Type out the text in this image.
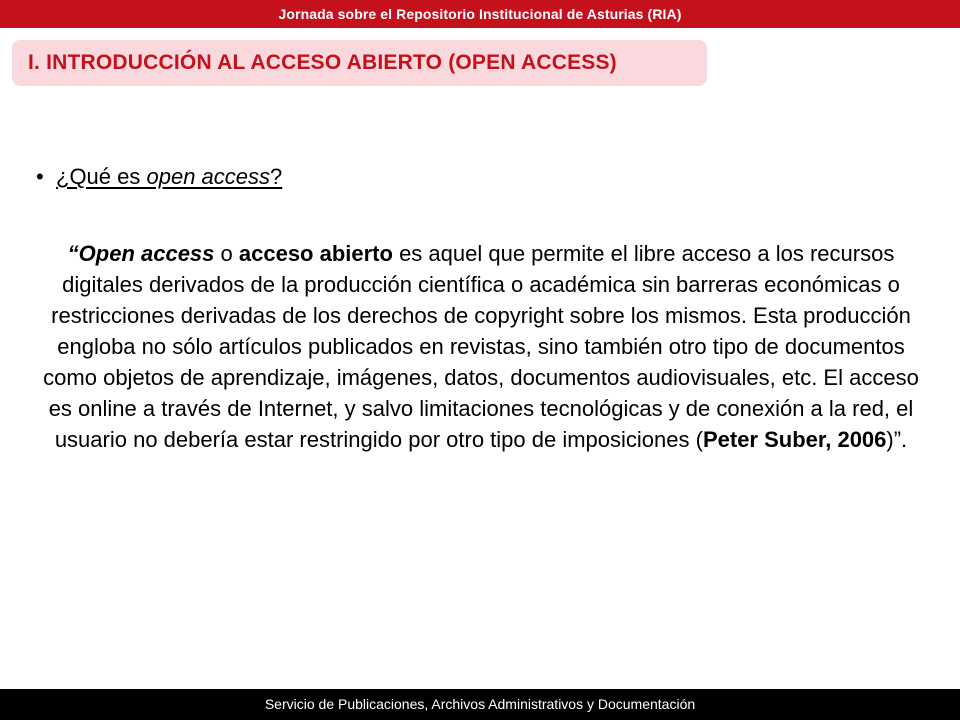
Jornada sobre el Repositorio Institucional de Asturias (RIA)
I. INTRODUCCIÓN AL ACCESO ABIERTO (OPEN ACCESS)
• ¿Qué es open access?
“Open access o acceso abierto es aquel que permite el libre acceso a los recursos digitales derivados de la producción científica o académica sin barreras económicas o restricciones derivadas de los derechos de copyright sobre los mismos. Esta producción engloba no sólo artículos publicados en revistas, sino también otro tipo de documentos como objetos de aprendizaje, imágenes, datos, documentos audiovisuales, etc. El acceso es online a través de Internet, y salvo limitaciones tecnológicas y de conexión a la red, el usuario no debería estar restringido por otro tipo de imposiciones (Peter Suber, 2006)”.
Servicio de Publicaciones, Archivos Administrativos y Documentación
